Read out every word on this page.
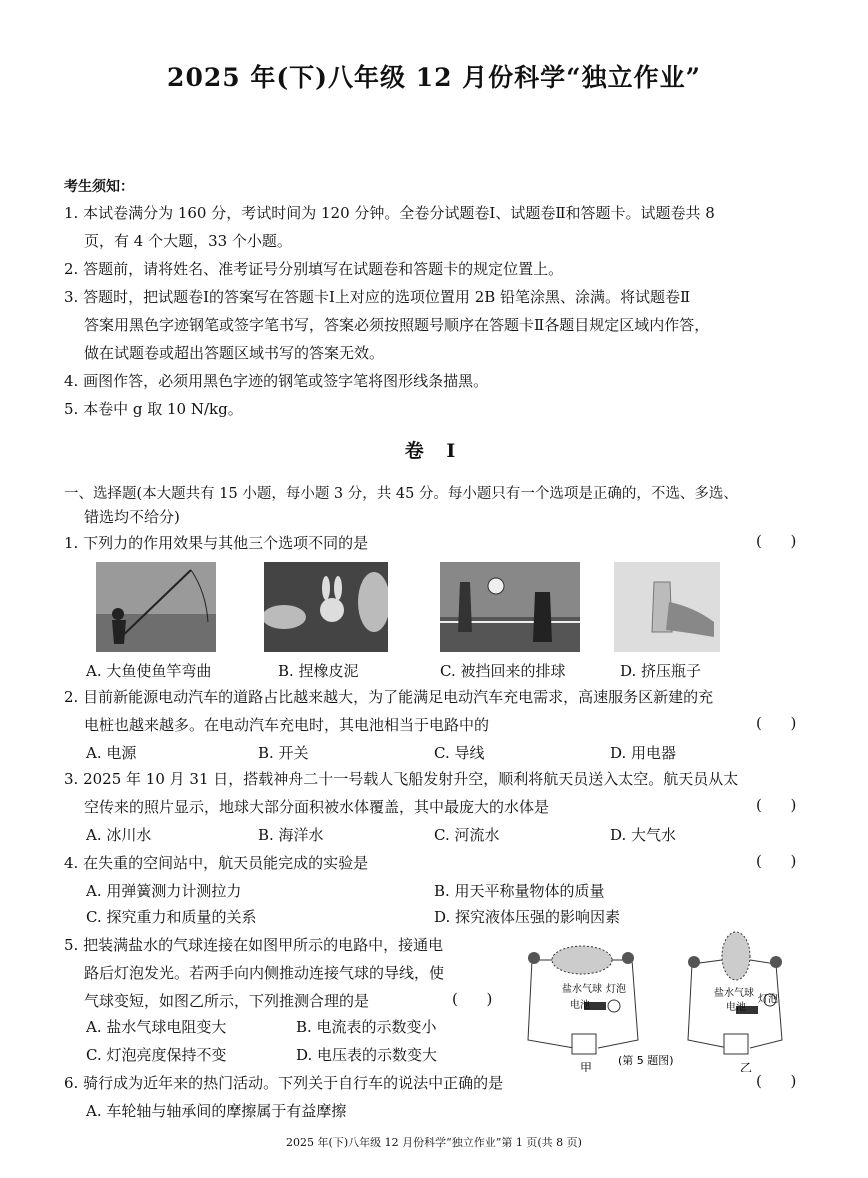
2025 年(下)八年级 12 月份科学“独立作业”
考生须知：
1. 本试卷满分为 160 分，考试时间为 120 分钟。全卷分试题卷Ⅰ、试题卷Ⅱ和答题卡。试题卷共 8
页，有 4 个大题，33 个小题。
2. 答题前，请将姓名、准考证号分别填写在试题卷和答题卡的规定位置上。
3. 答题时，把试题卷Ⅰ的答案写在答题卡Ⅰ上对应的选项位置用 2B 铅笔涂黑、涂满。将试题卷Ⅱ
答案用黑色字迹钢笔或签字笔书写，答案必须按照题号顺序在答题卡Ⅱ各题目规定区域内作答，
做在试题卷或超出答题区域书写的答案无效。
4. 画图作答，必须用黑色字迹的钢笔或签字笔将图形线条描黑。
5. 本卷中 g 取 10 N/kg。
卷 Ⅰ
一、选择题(本大题共有 15 小题，每小题 3 分，共 45 分。每小题只有一个选项是正确的，不选、多选、
错选均不给分)
1. 下列力的作用效果与其他三个选项不同的是	(      )
A. 大鱼使鱼竿弯曲	B. 捏橡皮泥	C. 被挡回来的排球	D. 挤压瓶子
2. 目前新能源电动汽车的道路占比越来越大，为了能满足电动汽车充电需求，高速服务区新建的充
电桩也越来越多。在电动汽车充电时，其电池相当于电路中的	(      )
A. 电源	B. 开关	C. 导线	D. 用电器
3. 2025 年 10 月 31 日，搭载神舟二十一号载人飞船发射升空，顺利将航天员送入太空。航天员从太
空传来的照片显示，地球大部分面积被水体覆盖，其中最庞大的水体是	(      )
A. 冰川水	B. 海洋水	C. 河流水	D. 大气水
4. 在失重的空间站中，航天员能完成的实验是	(      )
A. 用弹簧测力计测拉力	B. 用天平称量物体的质量
C. 探究重力和质量的关系	D. 探究液体压强的影响因素
5. 把装满盐水的气球连接在如图甲所示的电路中，接通电
路后灯泡发光。若两手向内侧推动连接气球的导线，使
气球变短，如图乙所示，下列推测合理的是	(      )
A. 盐水气球电阻变大	B. 电流表的示数变小
C. 灯泡亮度保持不变	D. 电压表的示数变大
盐水气球
电池
灯泡
甲
盐水气球
电池
灯泡
乙
(第 5 题图)
6. 骑行成为近年来的热门活动。下列关于自行车的说法中正确的是	(      )
A. 车轮轴与轴承间的摩擦属于有益摩擦
2025 年(下)八年级 12 月份科学“独立作业”第 1 页(共 8 页)
